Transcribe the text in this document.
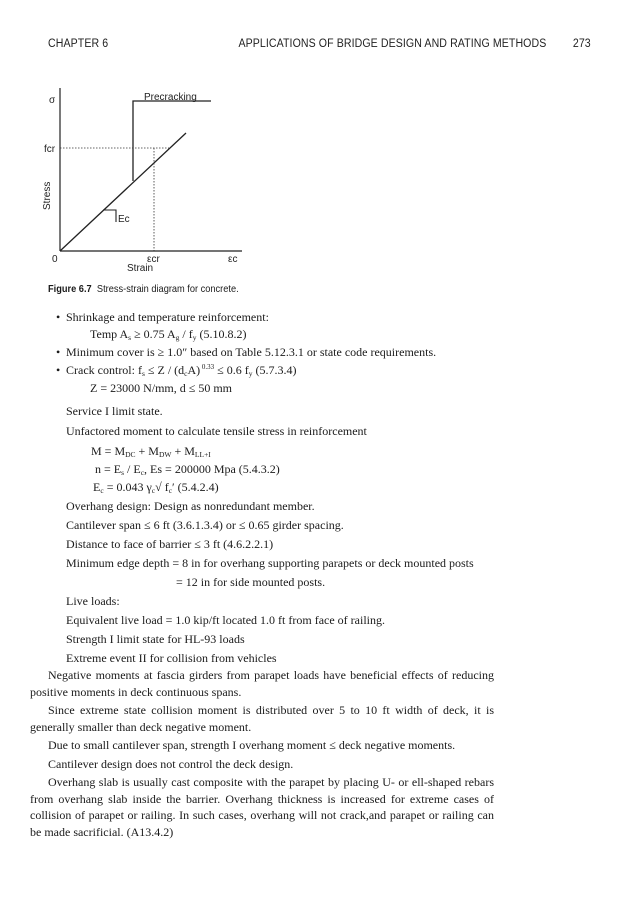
CHAPTER 6	APPLICATIONS OF BRIDGE DESIGN AND RATING METHODS 273
σ
fcr
Stress
Precracking
Ec
0	εcr	εc
Strain
Figure 6.7 Stress-strain diagram for concrete.
• Shrinkage and temperature reinforcement:
Temp $A_s \ge 0.75$ $A_g / f_y$ (5.10.8.2)
• Minimum cover is ≥ 1.0″ based on Table 5.12.3.1 or state code requirements.
• Crack control: $f_s \le Z / (d_cA) ^{0.33} \le 0.6$ $f_y$ (5.7.3.4)
Z = 23000 N/mm, d ≤ 50 mm
Service I limit state.
Unfactored moment to calculate tensile stress in reinforcement
$M = M_{DC} + M_{DW} + M_{LL+I}$
$n = E_s / E_c$, Es = 200000 Mpa (5.4.3.2)
$E_c = 0.043$ $\gamma_c√$ $f_c'$ (5.4.2.4)
Overhang design: Design as nonredundant member.
Cantilever span ≤ 6 ft (3.6.1.3.4) or ≤ 0.65 girder spacing.
Distance to face of barrier ≤ 3 ft (4.6.2.2.1)
Minimum edge depth = 8 in for overhang supporting parapets or deck mounted posts
= 12 in for side mounted posts.
Live loads:
Equivalent live load = 1.0 kip/ft located 1.0 ft from face of railing.
Strength I limit state for HL-93 loads
Extreme event II for collision from vehicles
Negative moments at fascia girders from parapet loads have beneficial effects of reducing positive moments in deck continuous spans.
Since extreme state collision moment is distributed over 5 to 10 ft width of deck, it is generally smaller than deck negative moment.
Due to small cantilever span, strength I overhang moment ≤ deck negative moments.
Cantilever design does not control the deck design.
Overhang slab is usually cast composite with the parapet by placing U- or ell-shaped rebars from overhang slab inside the barrier. Overhang thickness is increased for extreme cases of collision of parapet or railing. In such cases, overhang will not crack,and parapet or railing can be made sacrificial. (A13.4.2)
